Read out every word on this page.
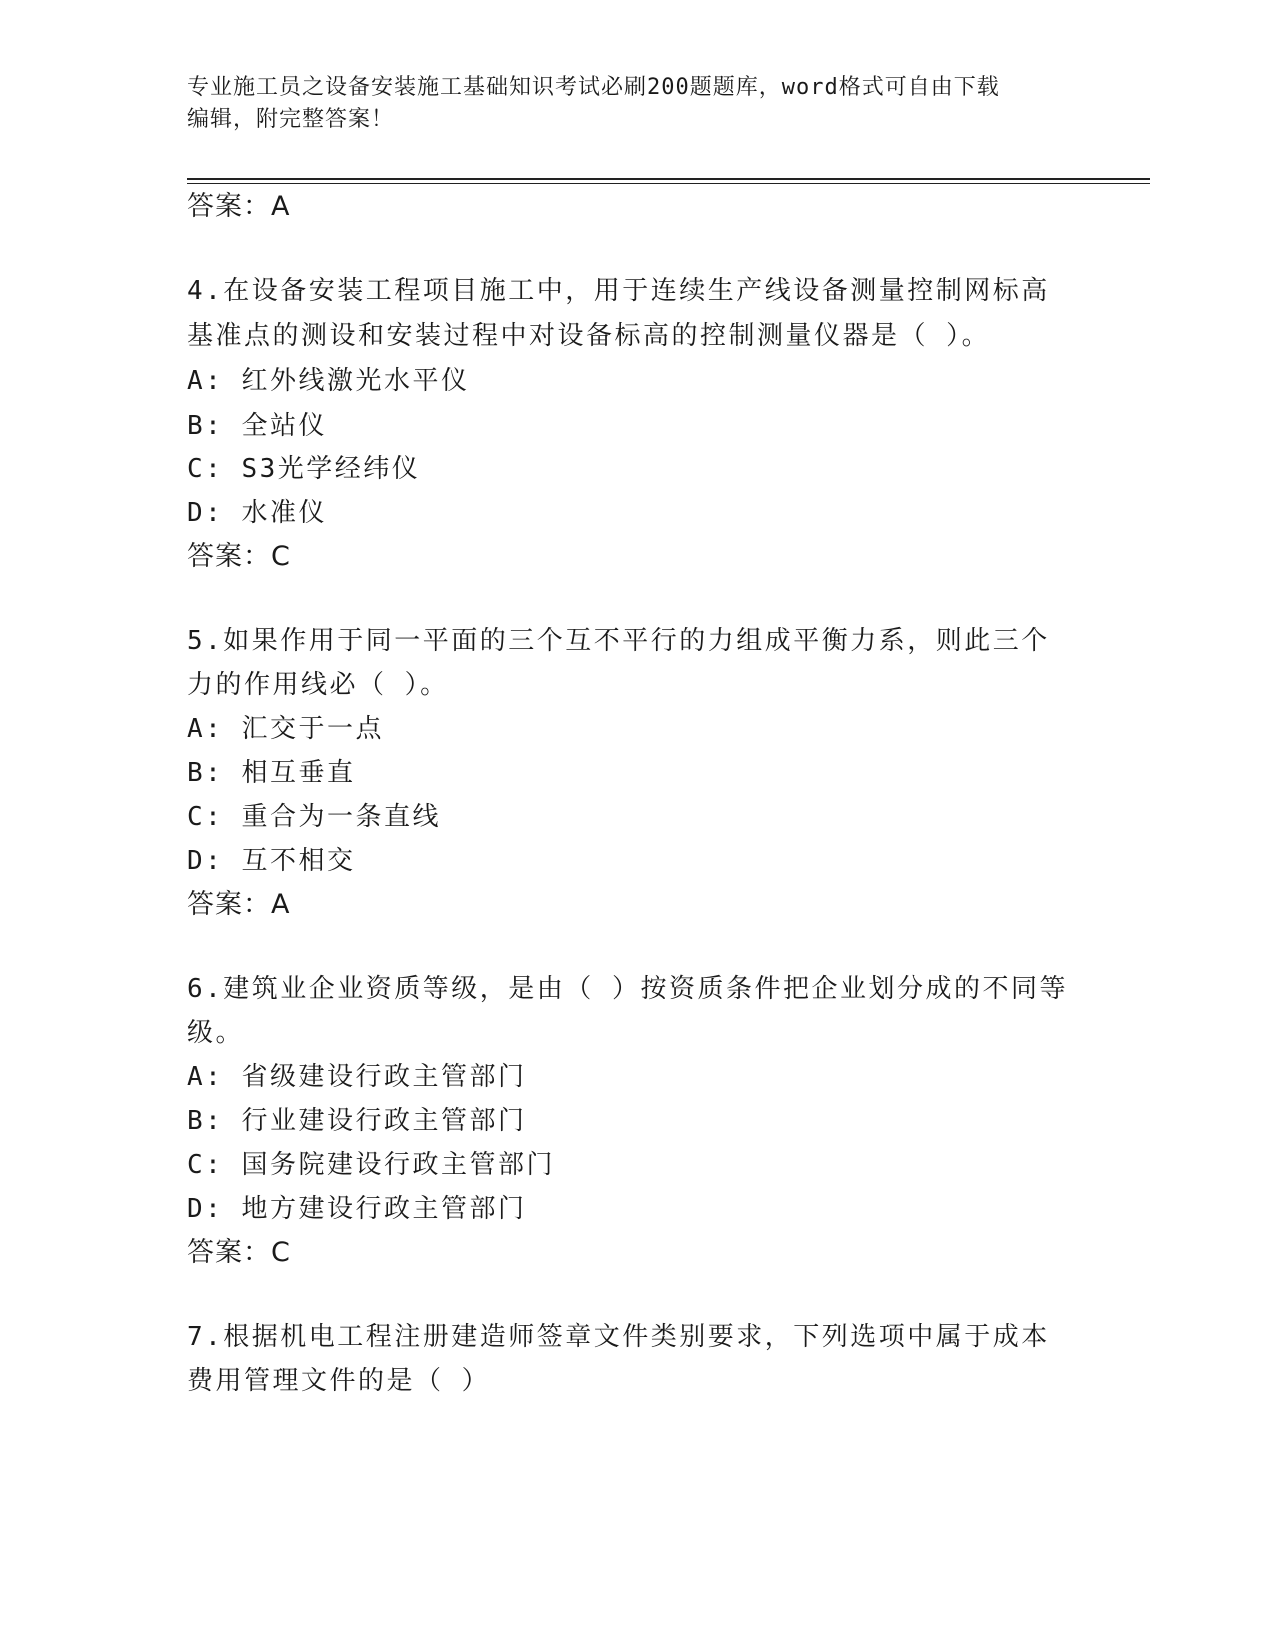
专业施工员之设备安装施工基础知识考试必刷200题题库，word格式可自由下载
编辑，附完整答案！
答案：A
4.在设备安装工程项目施工中，用于连续生产线设备测量控制网标高
基准点的测设和安装过程中对设备标高的控制测量仪器是（ ）。
A: 红外线激光水平仪
B: 全站仪
C: S3光学经纬仪
D: 水准仪
答案：C
5.如果作用于同一平面的三个互不平行的力组成平衡力系，则此三个
力的作用线必（ ）。
A: 汇交于一点
B: 相互垂直
C: 重合为一条直线
D: 互不相交
答案：A
6.建筑业企业资质等级，是由（ ）按资质条件把企业划分成的不同等
级。
A: 省级建设行政主管部门
B: 行业建设行政主管部门
C: 国务院建设行政主管部门
D: 地方建设行政主管部门
答案：C
7.根据机电工程注册建造师签章文件类别要求，下列选项中属于成本
费用管理文件的是（ ）
